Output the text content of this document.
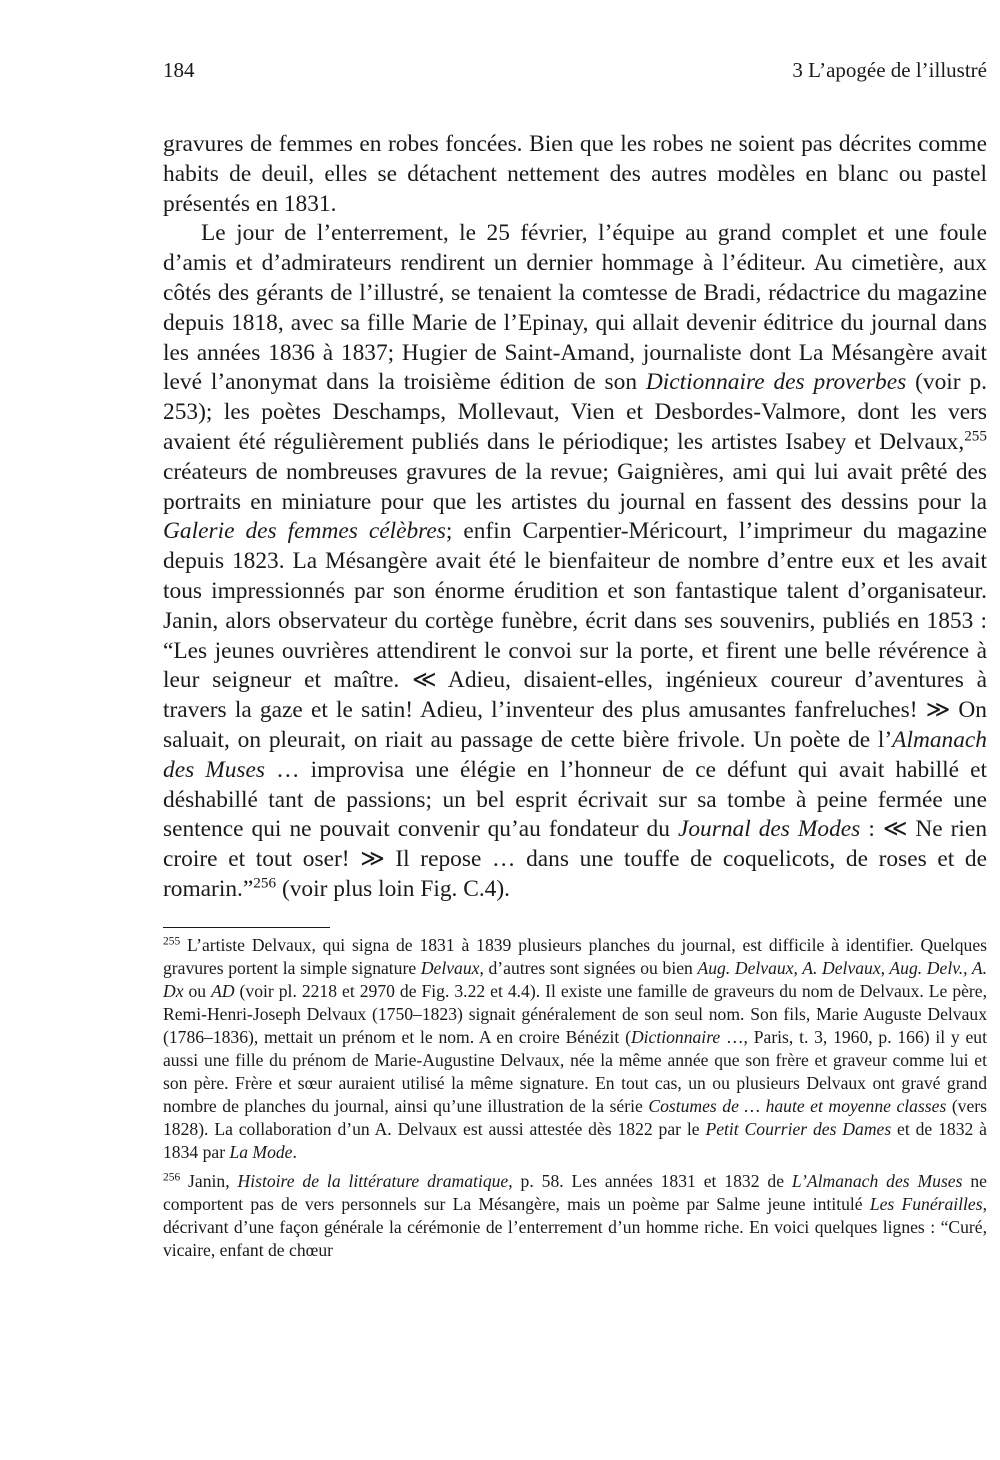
184	3 L’apogée de l’illustré

gravures de femmes en robes foncées. Bien que les robes ne soient pas décrites comme habits de deuil, elles se détachent nettement des autres modèles en blanc ou pastel présentés en 1831.

Le jour de l’enterrement, le 25 février, l’équipe au grand complet et une foule d’amis et d’admirateurs rendirent un dernier hommage à l’éditeur. Au cimetière, aux côtés des gérants de l’illustré, se tenaient la comtesse de Bradi, rédactrice du magazine depuis 1818, avec sa fille Marie de l’Epinay, qui allait devenir éditrice du journal dans les années 1836 à 1837; Hugier de Saint-Amand, journaliste dont La Mésangère avait levé l’anonymat dans la troisième édition de son Dictionnaire des proverbes (voir p. 253); les poètes Deschamps, Mollevaut, Vien et Desbordes-Valmore, dont les vers avaient été régulièrement publiés dans le périodique; les artistes Isabey et Delvaux,$^{255}$ créateurs de nombreuses gravures de la revue; Gaignières, ami qui lui avait prêté des portraits en miniature pour que les artistes du journal en fassent des dessins pour la Galerie des femmes célèbres; enfin Carpentier-Méricourt, l’imprimeur du magazine depuis 1823. La Mésangère avait été le bienfaiteur de nombre d’entre eux et les avait tous impressionnés par son énorme érudition et son fantastique talent d’organisateur. Janin, alors observateur du cortège funèbre, écrit dans ses souvenirs, publiés en 1853 : “Les jeunes ouvrières attendirent le convoi sur la porte, et firent une belle révérence à leur seigneur et maître. ≪ Adieu, disaient-elles, ingénieux coureur d’aventures à travers la gaze et le satin! Adieu, l’inventeur des plus amusantes fanfreluches! ≫ On saluait, on pleurait, on riait au passage de cette bière frivole. Un poète de l’Almanach des Muses … improvisa une élégie en l’honneur de ce défunt qui avait habillé et déshabillé tant de passions; un bel esprit écrivait sur sa tombe à peine fermée une sentence qui ne pouvait convenir qu’au fondateur du Journal des Modes : ≪ Ne rien croire et tout oser! ≫ Il repose … dans une touffe de coquelicots, de roses et de romarin.”$^{256}$ (voir plus loin Fig. C.4).

$^{255}$ L’artiste Delvaux, qui signa de 1831 à 1839 plusieurs planches du journal, est difficile à identifier. Quelques gravures portent la simple signature Delvaux, d’autres sont signées ou bien Aug. Delvaux, A. Delvaux, Aug. Delv., A. Dx ou AD (voir pl. 2218 et 2970 de Fig. 3.22 et 4.4). Il existe une famille de graveurs du nom de Delvaux. Le père, Remi-Henri-Joseph Delvaux (1750–1823) signait généralement de son seul nom. Son fils, Marie Auguste Delvaux (1786–1836), mettait un prénom et le nom. A en croire Bénézit (Dictionnaire …, Paris, t. 3, 1960, p. 166) il y eut aussi une fille du prénom de Marie-Augustine Delvaux, née la même année que son frère et graveur comme lui et son père. Frère et sœur auraient utilisé la même signature. En tout cas, un ou plusieurs Delvaux ont gravé grand nombre de planches du journal, ainsi qu’une illustration de la série Costumes de … haute et moyenne classes (vers 1828). La collaboration d’un A. Delvaux est aussi attestée dès 1822 par le Petit Courrier des Dames et de 1832 à 1834 par La Mode.

$^{256}$ Janin, Histoire de la littérature dramatique, p. 58. Les années 1831 et 1832 de L’Almanach des Muses ne comportent pas de vers personnels sur La Mésangère, mais un poème par Salme jeune intitulé Les Funérailles, décrivant d’une façon générale la cérémonie de l’enterrement d’un homme riche. En voici quelques lignes : “Curé, vicaire, enfant de chœur
